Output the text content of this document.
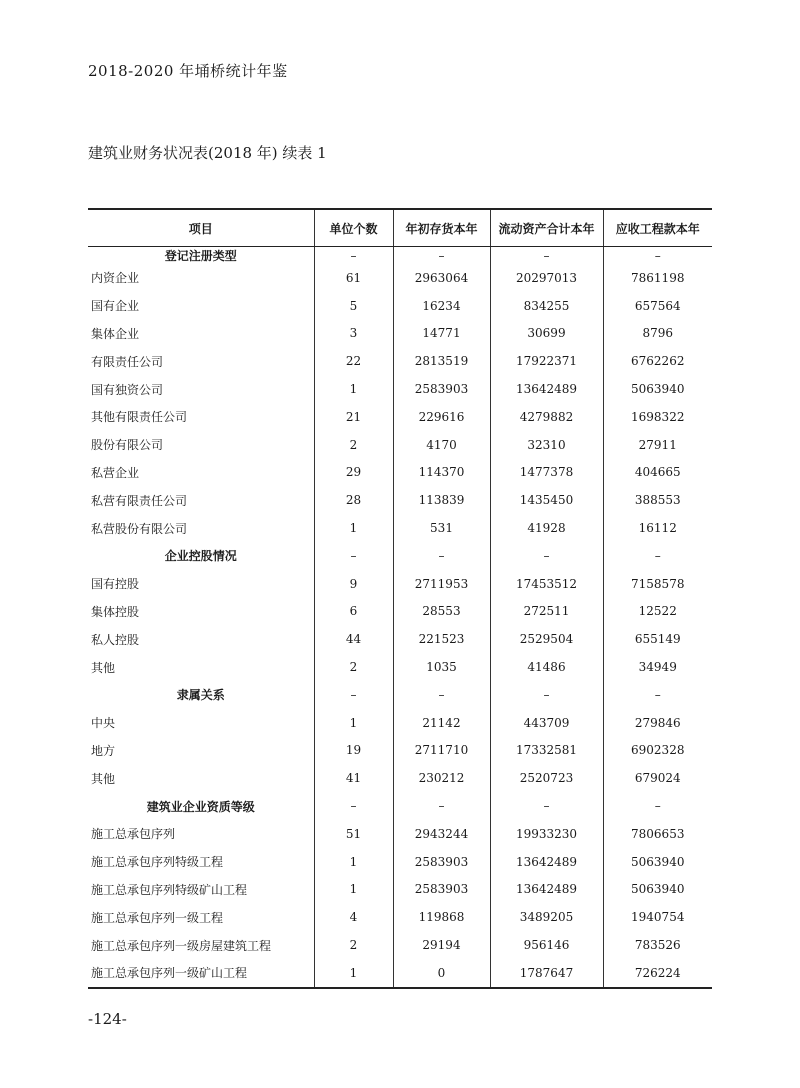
2018-2020 年埇桥统计年鉴
建筑业财务状况表(2018 年) 续表 1
项目	单位个数	年初存货本年	流动资产合计本年	应收工程款本年
登记注册类型	–	–	–	–
内资企业	61	2963064	20297013	7861198
国有企业	5	16234	834255	657564
集体企业	3	14771	30699	8796
有限责任公司	22	2813519	17922371	6762262
国有独资公司	1	2583903	13642489	5063940
其他有限责任公司	21	229616	4279882	1698322
股份有限公司	2	4170	32310	27911
私营企业	29	114370	1477378	404665
私营有限责任公司	28	113839	1435450	388553
私营股份有限公司	1	531	41928	16112
企业控股情况	–	–	–	–
国有控股	9	2711953	17453512	7158578
集体控股	6	28553	272511	12522
私人控股	44	221523	2529504	655149
其他	2	1035	41486	34949
隶属关系	–	–	–	–
中央	1	21142	443709	279846
地方	19	2711710	17332581	6902328
其他	41	230212	2520723	679024
建筑业企业资质等级	–	–	–	–
施工总承包序列	51	2943244	19933230	7806653
施工总承包序列特级工程	1	2583903	13642489	5063940
施工总承包序列特级矿山工程	1	2583903	13642489	5063940
施工总承包序列一级工程	4	119868	3489205	1940754
施工总承包序列一级房屋建筑工程	2	29194	956146	783526
施工总承包序列一级矿山工程	1	0	1787647	726224
-124-
